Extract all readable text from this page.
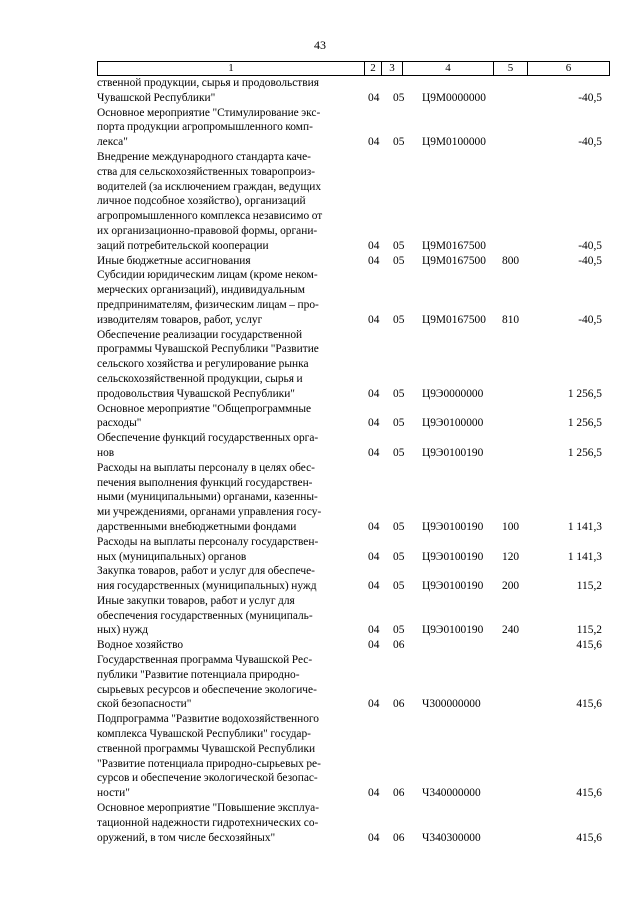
43
1	2	3	4	5	6
ственной продукции, сырья и продовольствия
Чувашской Республики"	04 05 Ц9М0000000	-40,5
Основное мероприятие "Стимулирование экс-
порта продукции агропромышленного комп-
лекса"	04 05 Ц9М0100000	-40,5
Внедрение международного стандарта каче-
ства для сельскохозяйственных товаропроиз-
водителей (за исключением граждан, ведущих
личное подсобное хозяйство), организаций
агропромышленного комплекса независимо от
их организационно-правовой формы, органи-
заций потребительской кооперации	04 05 Ц9М0167500	-40,5
Иные бюджетные ассигнования	04 05 Ц9М0167500 800	-40,5
Субсидии юридическим лицам (кроме неком-
мерческих организаций), индивидуальным
предпринимателям, физическим лицам – про-
изводителям товаров, работ, услуг	04 05 Ц9М0167500 810	-40,5
Обеспечение реализации государственной
программы Чувашской Республики "Развитие
сельского хозяйства и регулирование рынка
сельскохозяйственной продукции, сырья и
продовольствия Чувашской Республики"	04 05 Ц9Э0000000	1 256,5
Основное мероприятие "Общепрограммные
расходы"	04 05 Ц9Э0100000	1 256,5
Обеспечение функций государственных орга-
нов	04 05 Ц9Э0100190	1 256,5
Расходы на выплаты персоналу в целях обес-
печения выполнения функций государствен-
ными (муниципальными) органами, казенны-
ми учреждениями, органами управления госу-
дарственными внебюджетными фондами	04 05 Ц9Э0100190 100	1 141,3
Расходы на выплаты персоналу государствен-
ных (муниципальных) органов	04 05 Ц9Э0100190 120	1 141,3
Закупка товаров, работ и услуг для обеспече-
ния государственных (муниципальных) нужд	04 05 Ц9Э0100190 200	115,2
Иные закупки товаров, работ и услуг для
обеспечения государственных (муниципаль-
ных) нужд	04 05 Ц9Э0100190 240	115,2
Водное хозяйство	04 06	415,6
Государственная программа Чувашской Рес-
публики "Развитие потенциала природно-
сырьевых ресурсов и обеспечение экологиче-
ской безопасности"	04 06 Ч300000000	415,6
Подпрограмма "Развитие водохозяйственного
комплекса Чувашской Республики" государ-
ственной программы Чувашской Республики
"Развитие потенциала природно-сырьевых ре-
сурсов и обеспечение экологической безопас-
ности"	04 06 Ч340000000	415,6
Основное мероприятие "Повышение эксплуа-
тационной надежности гидротехнических со-
оружений, в том числе бесхозяйных"	04 06 Ч340300000	415,6
